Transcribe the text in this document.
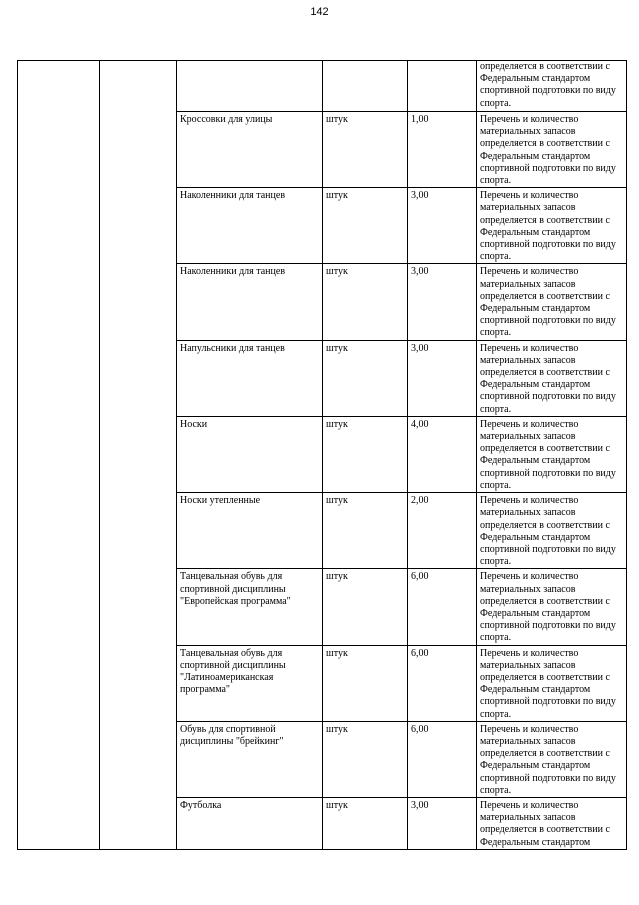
142

					определяется в соответствии с Федеральным стандартом спортивной подготовки по виду спорта.

		Кроссовки для улицы	штук	1,00	Перечень и количество материальных запасов определяется в соответствии с Федеральным стандартом спортивной подготовки по виду спорта.
		Наколенники для танцев	штук	3,00	Перечень и количество материальных запасов определяется в соответствии с Федеральным стандартом спортивной подготовки по виду спорта.
		Наколенники для танцев	штук	3,00	Перечень и количество материальных запасов определяется в соответствии с Федеральным стандартом спортивной подготовки по виду спорта.
		Напульсники для танцев	штук	3,00	Перечень и количество материальных запасов определяется в соответствии с Федеральным стандартом спортивной подготовки по виду спорта.
		Носки	штук	4,00	Перечень и количество материальных запасов определяется в соответствии с Федеральным стандартом спортивной подготовки по виду спорта.
		Носки утепленные	штук	2,00	Перечень и количество материальных запасов определяется в соответствии с Федеральным стандартом спортивной подготовки по виду спорта.
		Танцевальная обувь для спортивной дисциплины "Европейская программа"	штук	6,00	Перечень и количество материальных запасов определяется в соответствии с Федеральным стандартом спортивной подготовки по виду спорта.
		Танцевальная обувь для спортивной дисциплины "Латиноамериканская программа"	штук	6,00	Перечень и количество материальных запасов определяется в соответствии с Федеральным стандартом спортивной подготовки по виду спорта.
		Обувь для спортивной дисциплины "брейкинг"	штук	6,00	Перечень и количество материальных запасов определяется в соответствии с Федеральным стандартом спортивной подготовки по виду спорта.
		Футболка	штук	3,00	Перечень и количество материальных запасов определяется в соответствии с Федеральным стандартом
